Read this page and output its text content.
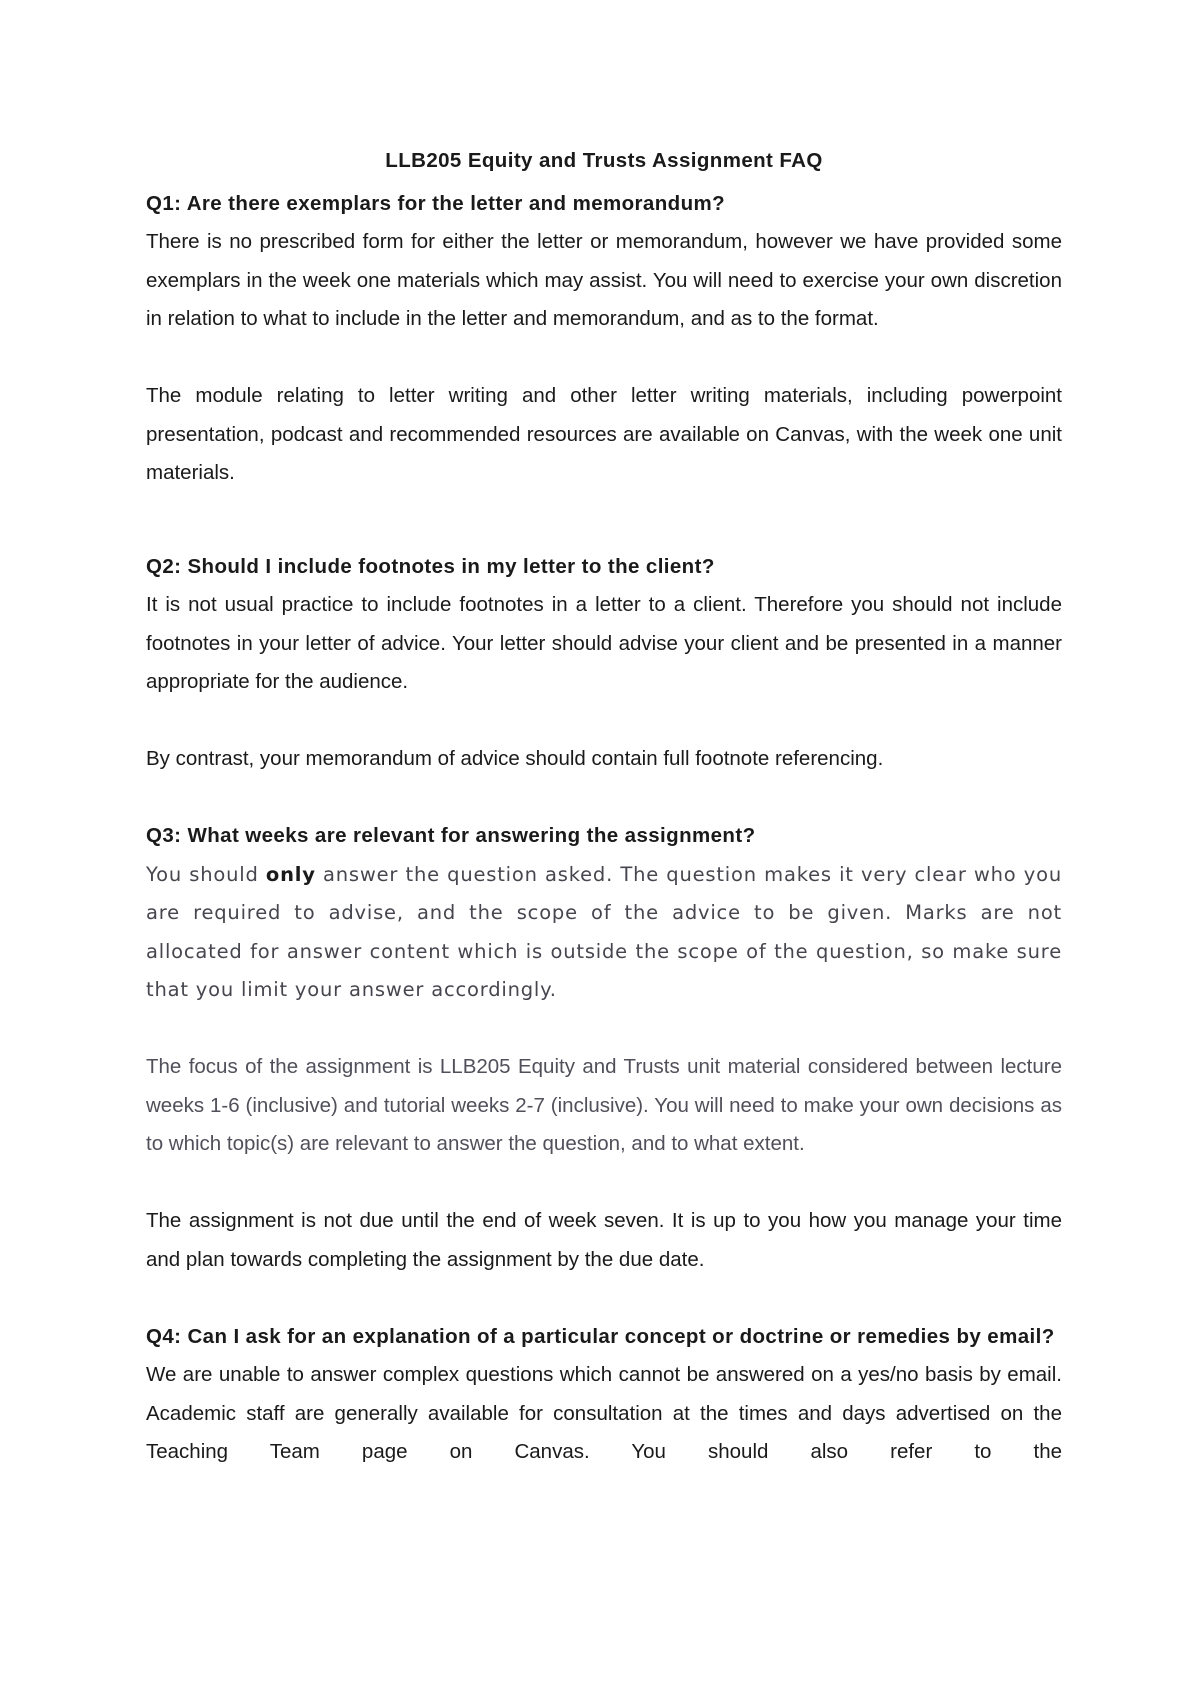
LLB205 Equity and Trusts Assignment FAQ
Q1: Are there exemplars for the letter and memorandum?

There is no prescribed form for either the letter or memorandum, however we have provided some exemplars in the week one materials which may assist. You will need to exercise your own discretion in relation to what to include in the letter and memorandum, and as to the format.

The module relating to letter writing and other letter writing materials, including powerpoint presentation, podcast and recommended resources are available on Canvas, with the week one unit materials.

Q2: Should I include footnotes in my letter to the client?

It is not usual practice to include footnotes in a letter to a client. Therefore you should not include footnotes in your letter of advice. Your letter should advise your client and be presented in a manner appropriate for the audience.

By contrast, your memorandum of advice should contain full footnote referencing.

Q3: What weeks are relevant for answering the assignment?

You should only answer the question asked. The question makes it very clear who you are required to advise, and the scope of the advice to be given. Marks are not allocated for answer content which is outside the scope of the question, so make sure that you limit your answer accordingly.

The focus of the assignment is LLB205 Equity and Trusts unit material considered between lecture weeks 1-6 (inclusive) and tutorial weeks 2-7 (inclusive). You will need to make your own decisions as to which topic(s) are relevant to answer the question, and to what extent.

The assignment is not due until the end of week seven. It is up to you how you manage your time and plan towards completing the assignment by the due date.

Q4: Can I ask for an explanation of a particular concept or doctrine or remedies by email?

We are unable to answer complex questions which cannot be answered on a yes/no basis by email. Academic staff are generally available for consultation at the times and days advertised on the Teaching Team page on Canvas. You should also refer to the
